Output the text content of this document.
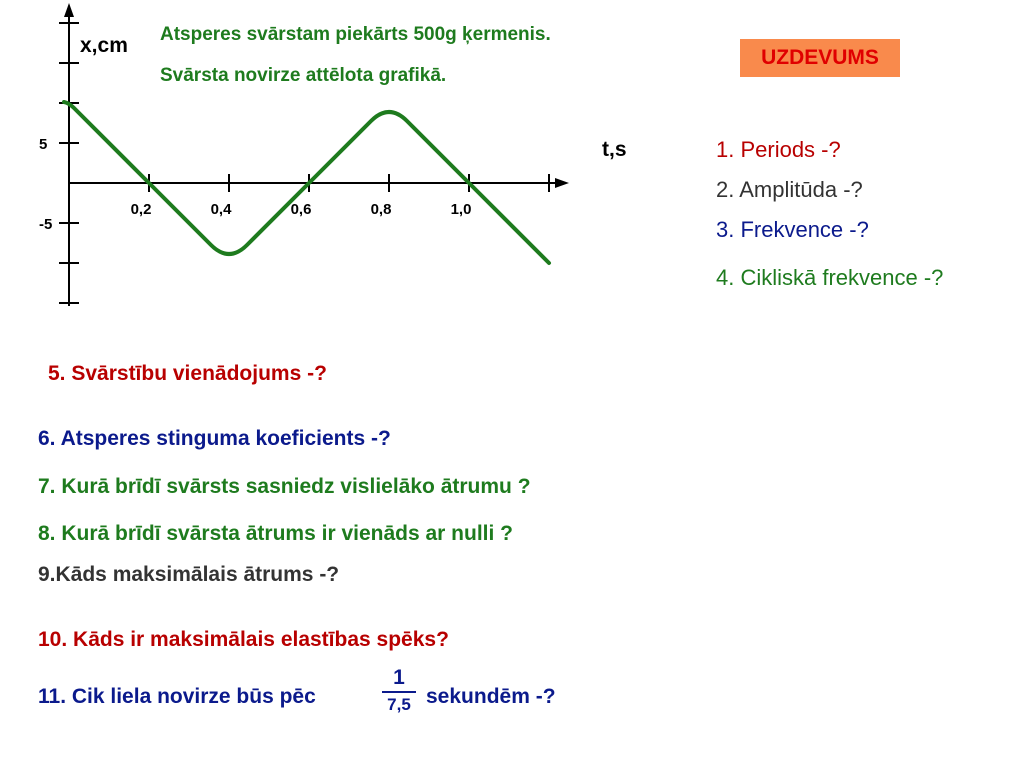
Atsperes svārstam piekārts 500g ķermenis.
Svārsta novirze attēlota grafikā.
UZDEVUMS
5
-5
0,2	0,4	0,6	0,8	1,0
x,cm
t,s	1. Periods -?
2. Amplitūda -?
3. Frekvence -?
4. Cikliskā frekvence -?
5. Svārstību vienādojums -?
6. Atsperes stinguma koeficients -?
7. Kurā brīdī svārsts sasniedz vislielāko ātrumu ?
8. Kurā brīdī svārsta ātrums ir vienāds ar nulli ?
9.Kāds maksimālais ātrums -?
10. Kāds ir maksimālais elastības spēks?
11. Cik liela novirze būs pēc
1
7,5 sekundēm -?
